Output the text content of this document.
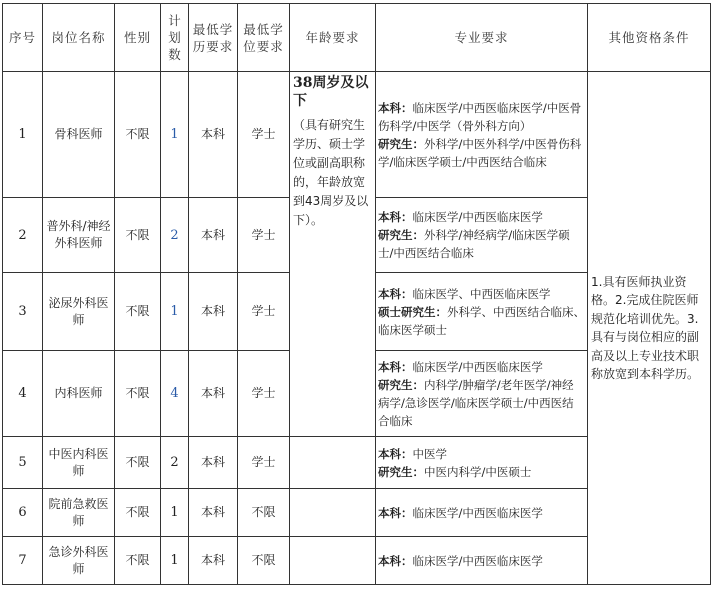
序号	岗位名称	性别	计划数	最低学历要求	最低学位要求	年龄要求	专业要求	其他资格条件
1	骨科医师	不限	1	本科	学士	38周岁及以下
（具有研究生学历、硕士学位或副高职称的，年龄放宽到43周岁及以下）。	本科：临床医学/中西医临床医学/中医骨伤科学/中医学（骨外科方向）
研究生：外科学/中医外科学/中医骨伤科学/临床医学硕士/中西医结合临床	1.具有医师执业资格。2.完成住院医师规范化培训优先。3.具有与岗位相应的副高及以上专业技术职称放宽到本科学历。
2	普外科/神经外科医师	不限	2	本科	学士		本科：临床医学/中西医临床医学
研究生：外科学/神经病学/临床医学硕士/中西医结合临床	
3	泌尿外科医师	不限	1	本科	学士		本科：临床医学、中西医临床医学
硕士研究生：外科学、中西医结合临床、临床医学硕士	
4	内科医师	不限	4	本科	学士		本科：临床医学/中西医临床医学
研究生：内科学/肿瘤学/老年医学/神经病学/急诊医学/临床医学硕士/中西医结合临床	
5	中医内科医 师	不限	2	本科	学士		本科：中医学
研究生：中医内科学/中医硕士	
6	院前急救医师	不限	1	本科	不限		本科：临床医学/中西医临床医学	
7	急诊外科医师	不限	1	本科	不限		本科：临床医学/中西医临床医学	
